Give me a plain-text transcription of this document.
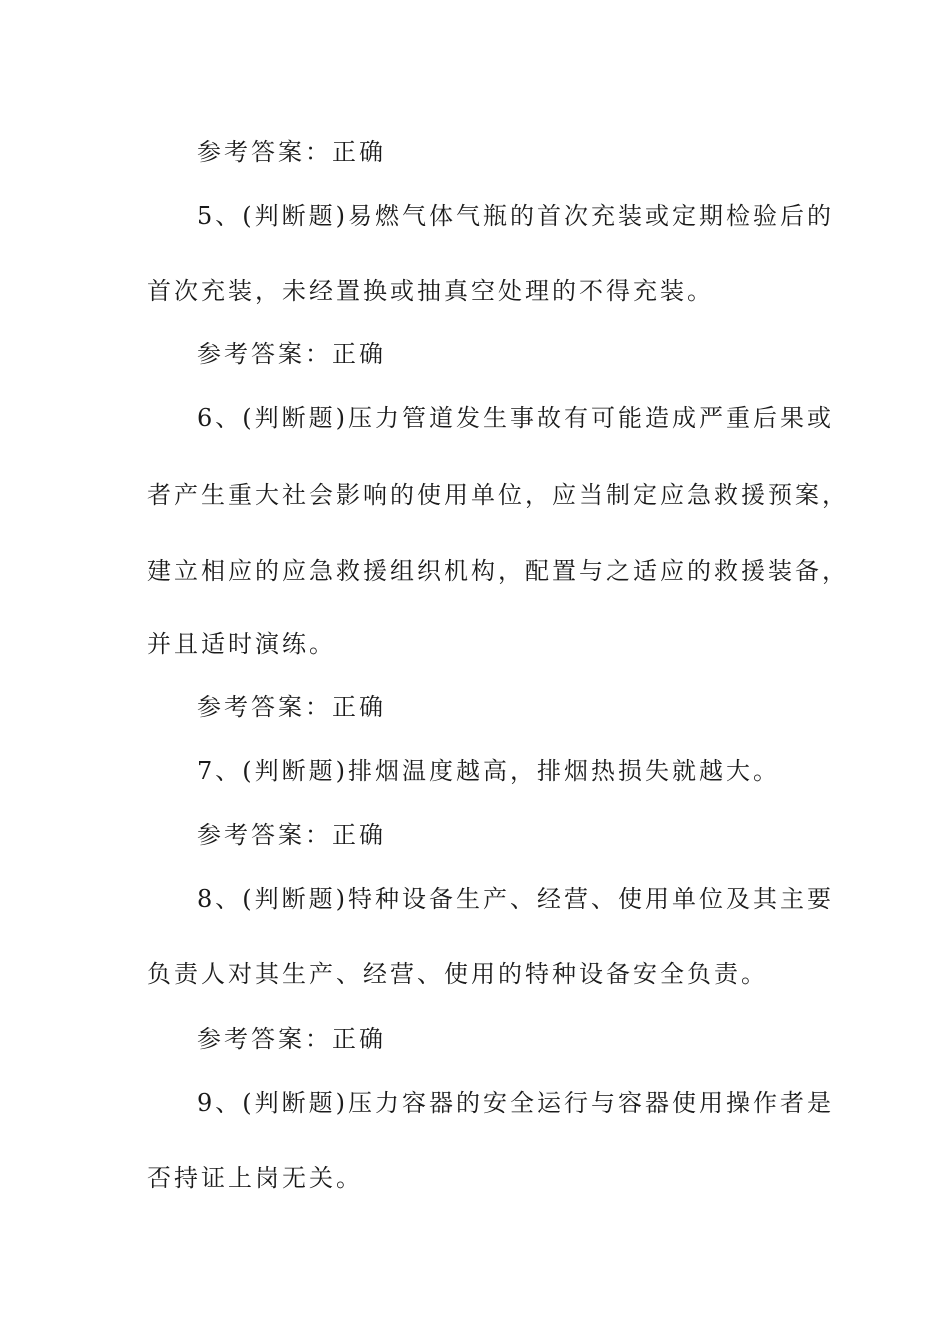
参考答案：正确
5、(判断题)易燃气体气瓶的首次充装或定期检验后的
首次充装，未经置换或抽真空处理的不得充装。
参考答案：正确
6、(判断题)压力管道发生事故有可能造成严重后果或
者产生重大社会影响的使用单位，应当制定应急救援预案，
建立相应的应急救援组织机构，配置与之适应的救援装备，
并且适时演练。
参考答案：正确
7、(判断题)排烟温度越高，排烟热损失就越大。
参考答案：正确
8、(判断题)特种设备生产、经营、使用单位及其主要
负责人对其生产、经营、使用的特种设备安全负责。
参考答案：正确
9、(判断题)压力容器的安全运行与容器使用操作者是
否持证上岗无关。
